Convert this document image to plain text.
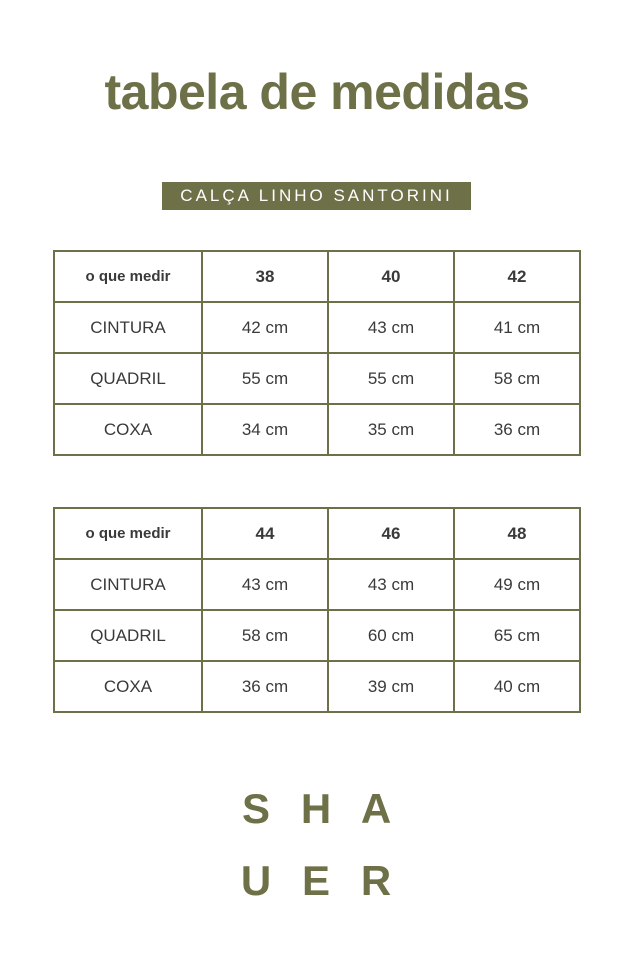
tabela de medidas
CALÇA LINHO SANTORINI
o que medir	38	40	42
CINTURA	42 cm	43 cm	41 cm
QUADRIL	55 cm	55 cm	58 cm
COXA	34 cm	35 cm	36 cm
o que medir	44	46	48
CINTURA	43 cm	43 cm	49 cm
QUADRIL	58 cm	60 cm	65 cm
COXA	36 cm	39 cm	40 cm
S H A
U E R
